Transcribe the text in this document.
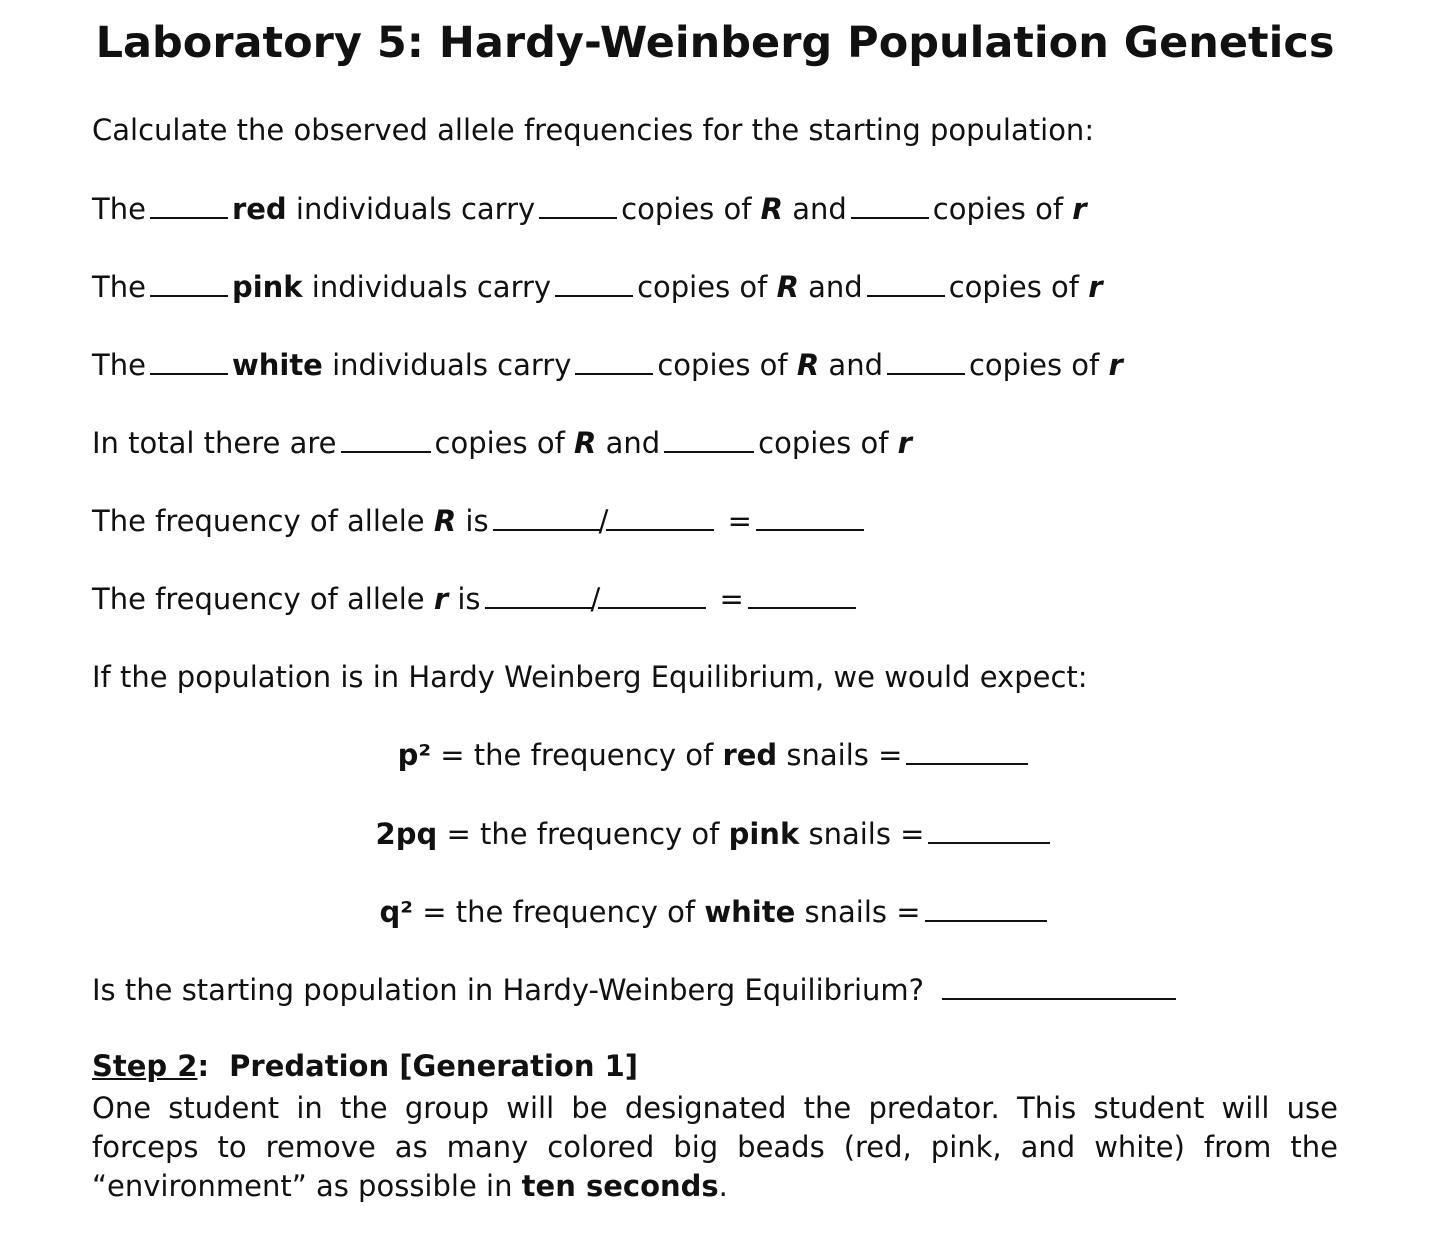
Laboratory 5: Hardy-Weinberg Population Genetics
Calculate the observed allele frequencies for the starting population:
The	red individuals carry	copies of R and	copies of r
The	pink individuals carry	copies of R and	copies of r
The	white individuals carry	copies of R and	copies of r
In total there are	copies of R and	copies of r
The frequency of allele R is	/	=
The frequency of allele r is	/	=
If the population is in Hardy Weinberg Equilibrium, we would expect:
p² = the frequency of red snails =
2pq = the frequency of pink snails =
q² = the frequency of white snails =
Is the starting population in Hardy-Weinberg Equilibrium?
Step 2: Predation [Generation 1]
One student in the group will be designated the predator. This student will use forceps to remove as many colored big beads (red, pink, and white) from the “environment” as possible in ten seconds.
